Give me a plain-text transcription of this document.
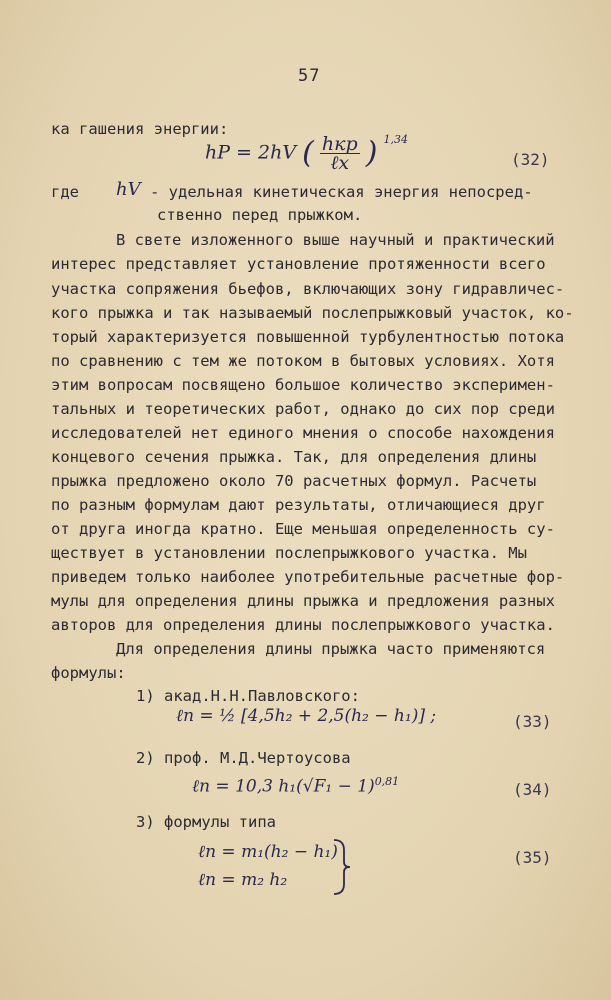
57
ка гашения энергии:
hP = 2hV ( hкр
ℓx ) $^{1,34}$
(32)
где hV - удельная кинетическая энергия непосред-
ственно перед прыжком.
В свете изложенного выше научный и практический
интерес представляет установление протяженности всего
участка сопряжения бьефов, включающих зону гидравличес-
кого прыжка и так называемый послепрыжковый участок, ко-
торый характеризуется повышенной турбулентностью потока
по сравнению с тем же потоком в бытовых условиях. Хотя
этим вопросам посвящено большое количество эксперимен-
тальных и теоретических работ, однако до сих пор среди
исследователей нет единого мнения о способе нахождения
концевого сечения прыжка. Так, для определения длины
прыжка предложено около 70 расчетных формул. Расчеты
по разным формулам дают результаты, отличающиеся друг
от друга иногда кратно. Еще меньшая определенность су-
ществует в установлении послепрыжкового участка. Мы
приведем только наиболее употребительные расчетные фор-
мулы для определения длины прыжка и предложения разных
авторов для определения длины послепрыжкового участка.
Для определения длины прыжка часто применяются
формулы:
1) акад.Н.Н.Павловского:
ℓn = ½ [4,5h₂ + 2,5(h₂ − h₁)] ;	(33)
2) проф. М.Д.Чертоусова
ℓn = 10,3 $h_1(√F_1 - 1)^{0,81}$	(34)
3) формулы типа
ℓn = m₁(h₂ − h₁)
ℓn = m₂ h₂
(35)
